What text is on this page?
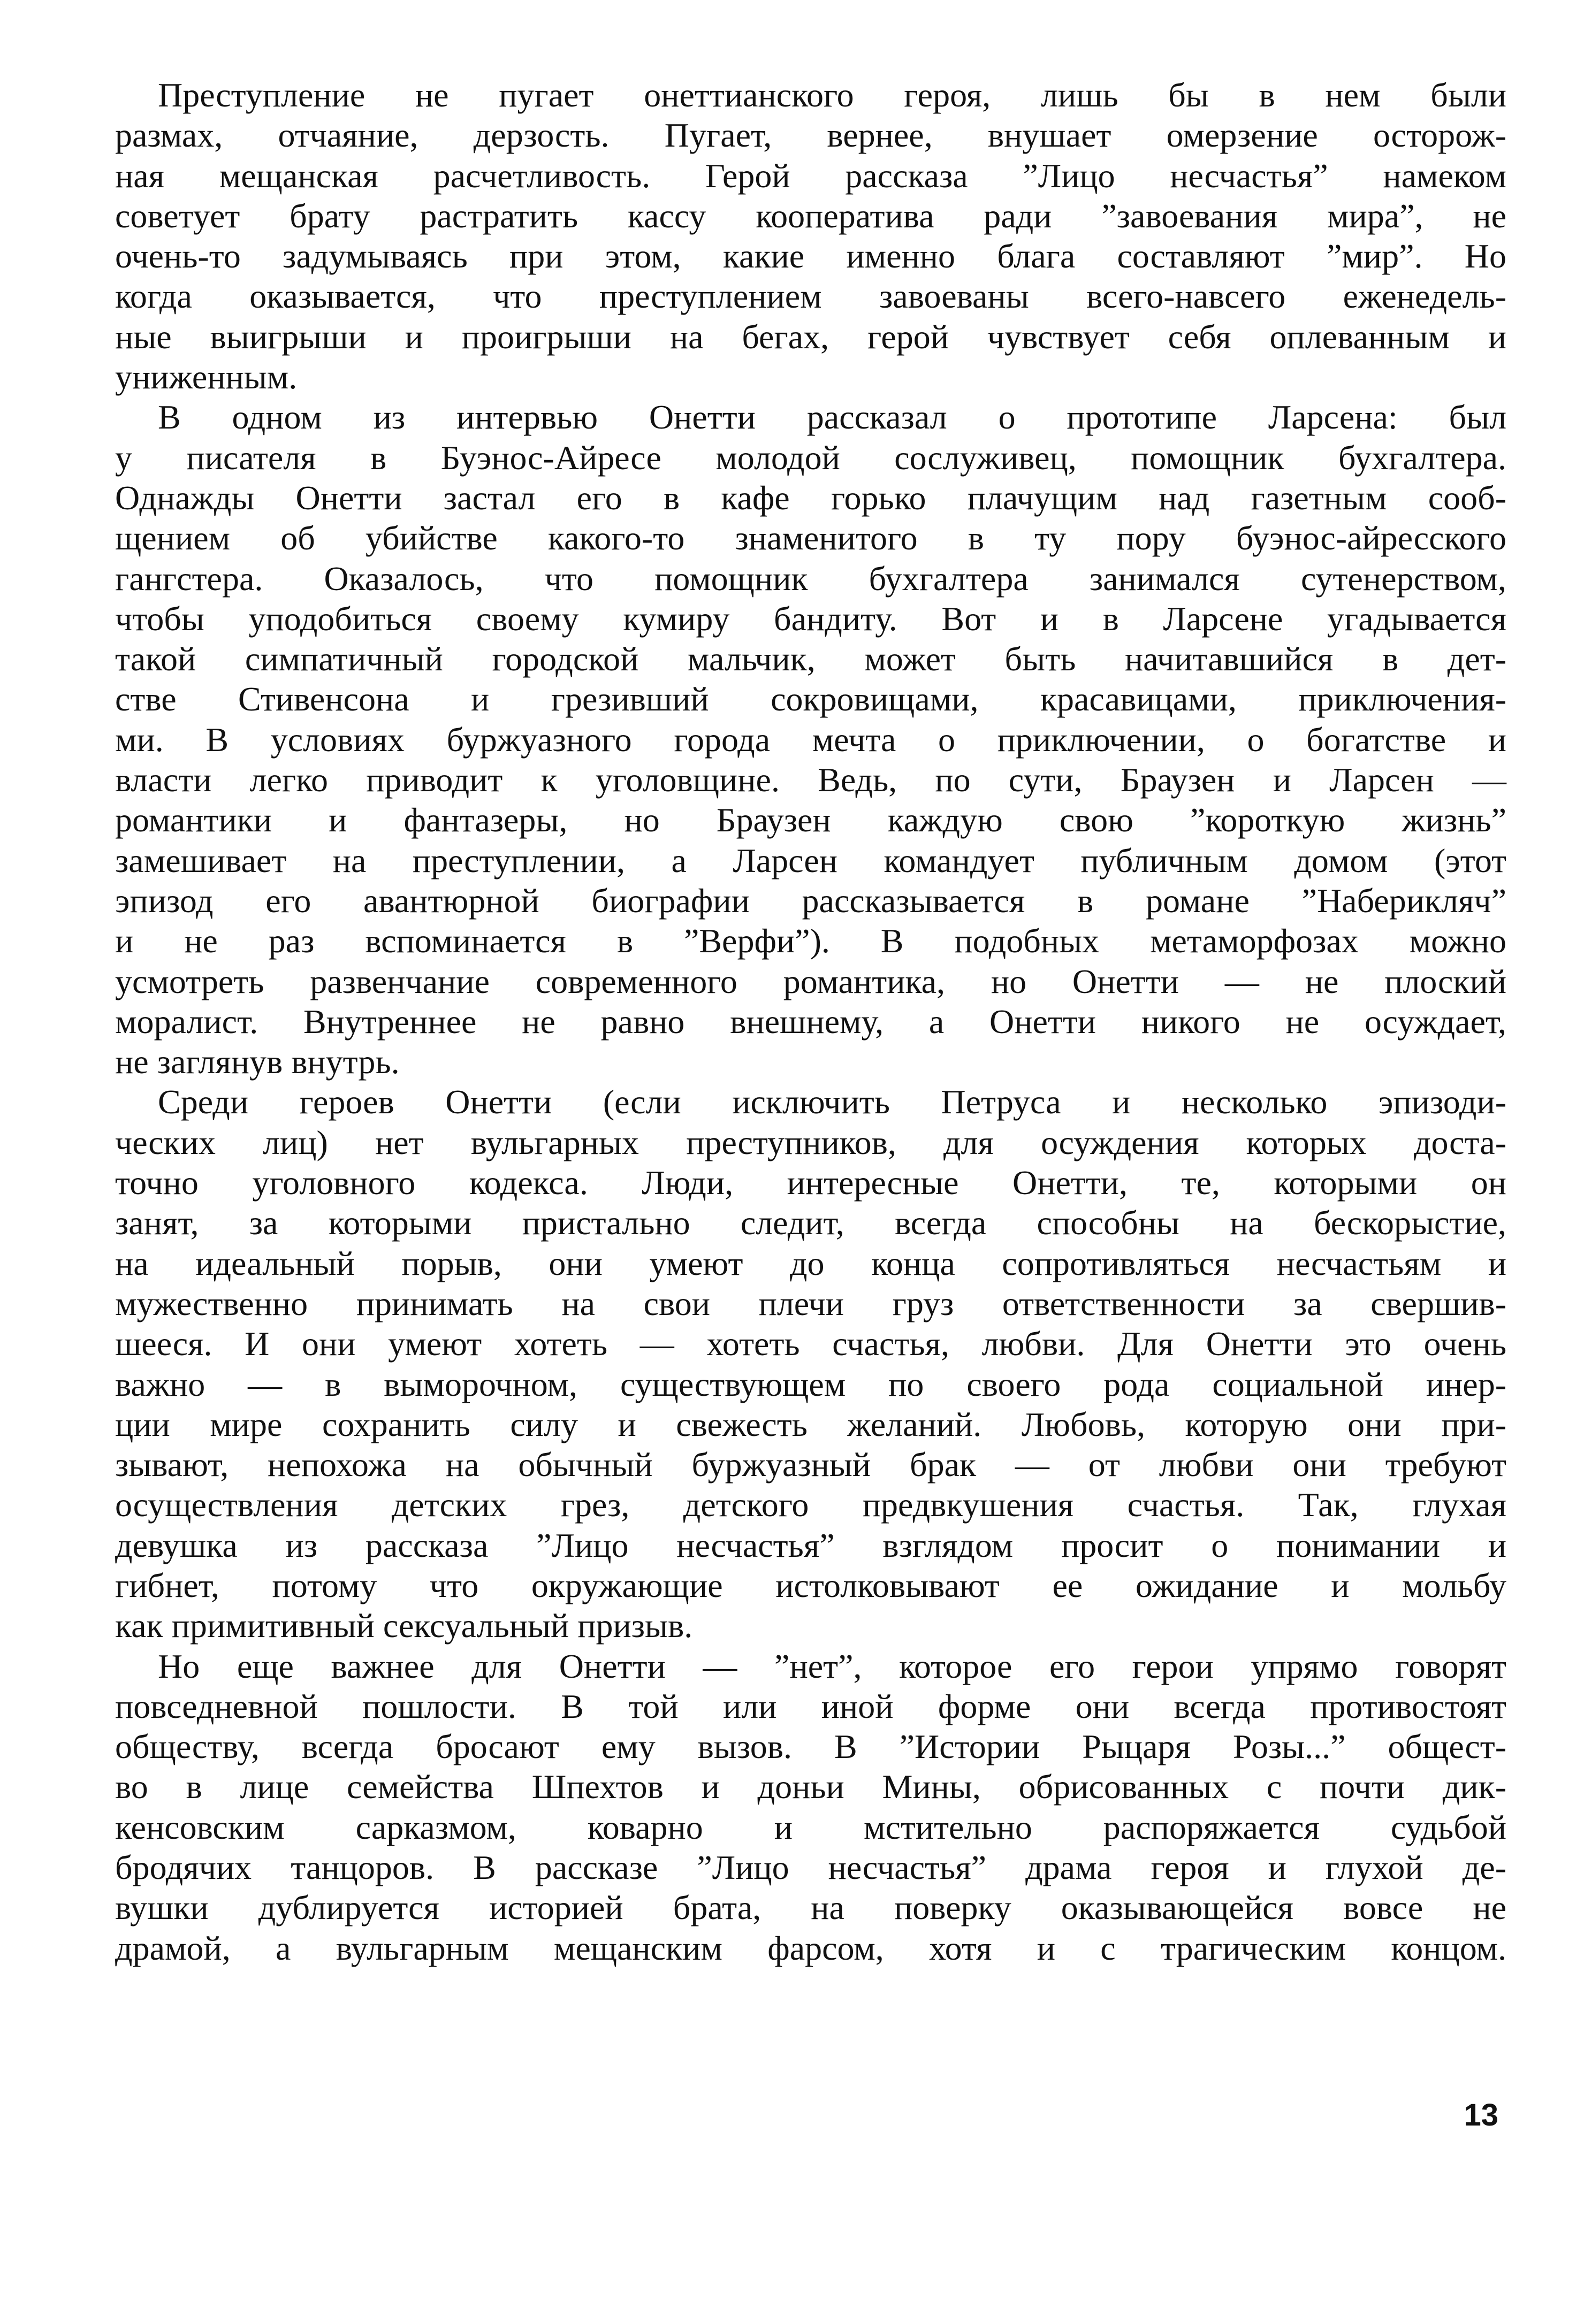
Преступление не пугает онеттианского героя, лишь бы в нем были
размах, отчаяние, дерзость. Пугает, вернее, внушает омерзение осторож-
ная мещанская расчетливость. Герой рассказа ”Лицо несчастья” намеком
советует брату растратить кассу кооператива ради ”завоевания мира”, не
очень-то задумываясь при этом, какие именно блага составляют ”мир”. Но
когда оказывается, что преступлением завоеваны всего-навсего еженедель-
ные выигрыши и проигрыши на бегах, герой чувствует себя оплеванным и
униженным.
В одном из интервью Онетти рассказал о прототипе Ларсена: был
у писателя в Буэнос-Айресе молодой сослуживец, помощник бухгалтера.
Однажды Онетти застал его в кафе горько плачущим над газетным сооб-
щением об убийстве какого-то знаменитого в ту пору буэнос-айресского
гангстера. Оказалось, что помощник бухгалтера занимался сутенерством,
чтобы уподобиться своему кумиру бандиту. Вот и в Ларсене угадывается
такой симпатичный городской мальчик, может быть начитавшийся в дет-
стве Стивенсона и грезивший сокровищами, красавицами, приключения-
ми. В условиях буржуазного города мечта о приключении, о богатстве и
власти легко приводит к уголовщине. Ведь, по сути, Браузен и Ларсен —
романтики и фантазеры, но Браузен каждую свою ”короткую жизнь”
замешивает на преступлении, а Ларсен командует публичным домом (этот
эпизод его авантюрной биографии рассказывается в романе ”Наберикляч”
и не раз вспоминается в ”Верфи”). В подобных метаморфозах можно
усмотреть развенчание современного романтика, но Онетти — не плоский
моралист. Внутреннее не равно внешнему, а Онетти никого не осуждает,
не заглянув внутрь.
Среди героев Онетти (если исключить Петруса и несколько эпизоди-
ческих лиц) нет вульгарных преступников, для осуждения которых доста-
точно уголовного кодекса. Люди, интересные Онетти, те, которыми он
занят, за которыми пристально следит, всегда способны на бескорыстие,
на идеальный порыв, они умеют до конца сопротивляться несчастьям и
мужественно принимать на свои плечи груз ответственности за свершив-
шееся. И они умеют хотеть — хотеть счастья, любви. Для Онетти это очень
важно — в выморочном, существующем по своего рода социальной инер-
ции мире сохранить силу и свежесть желаний. Любовь, которую они при-
зывают, непохожа на обычный буржуазный брак — от любви они требуют
осуществления детских грез, детского предвкушения счастья. Так, глухая
девушка из рассказа ”Лицо несчастья” взглядом просит о понимании и
гибнет, потому что окружающие истолковывают ее ожидание и мольбу
как примитивный сексуальный призыв.
Но еще важнее для Онетти — ”нет”, которое его герои упрямо говорят
повседневной пошлости. В той или иной форме они всегда противостоят
обществу, всегда бросают ему вызов. В ”Истории Рыцаря Розы...” общест-
во в лице семейства Шпехтов и доньи Мины, обрисованных с почти дик-
кенсовским сарказмом, коварно и мстительно распоряжается судьбой
бродячих танцоров. В рассказе ”Лицо несчастья” драма героя и глухой де-
вушки дублируется историей брата, на поверку оказывающейся вовсе не
драмой, а вульгарным мещанским фарсом, хотя и с трагическим концом.
13
